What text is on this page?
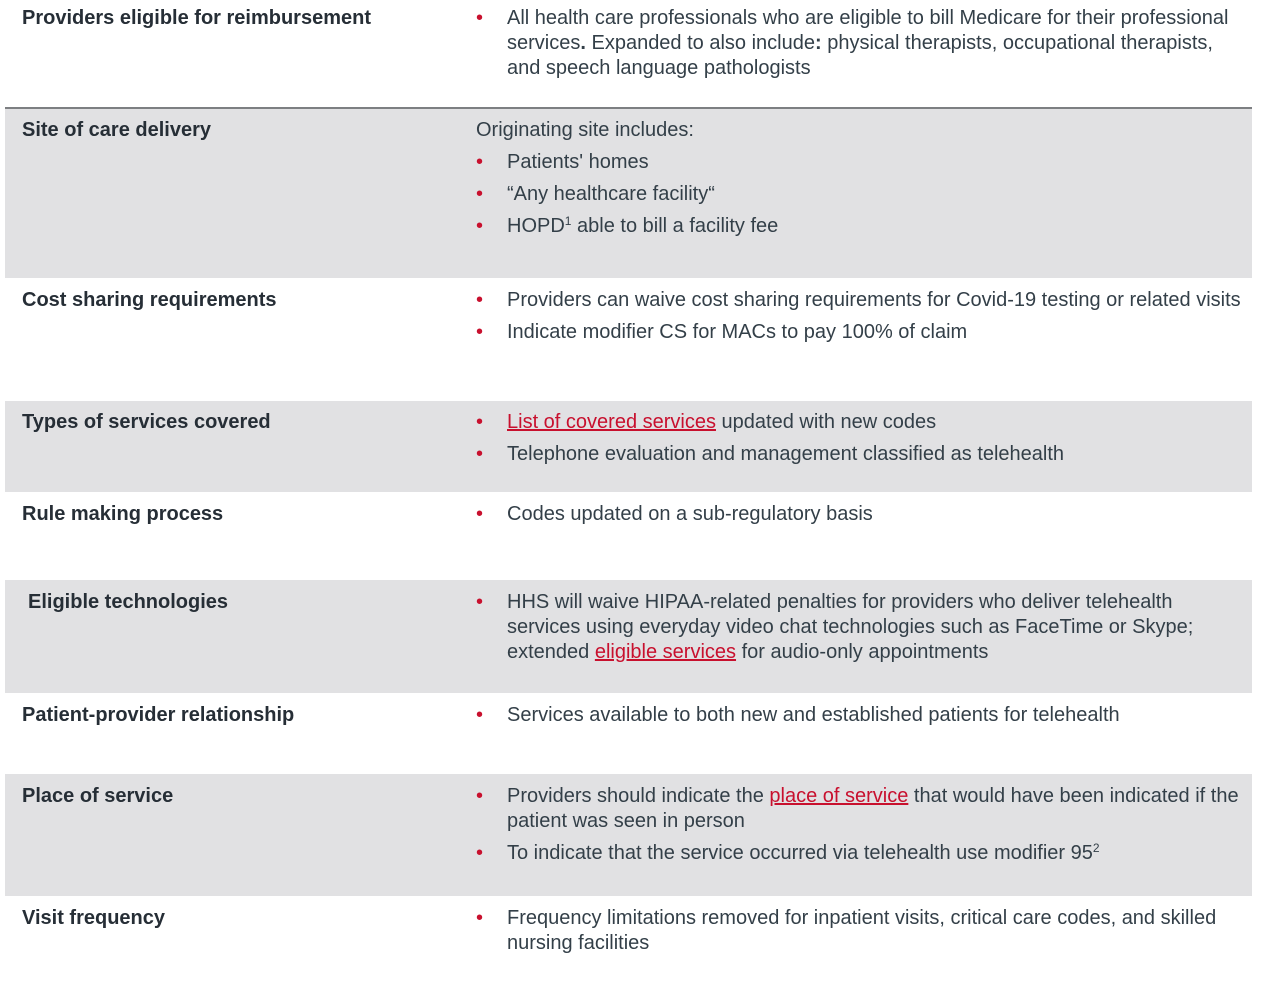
Providers eligible for reimbursement	• All health care professionals who are eligible to bill Medicare for their professional services. Expanded to also include: physical therapists, occupational therapists, and speech language pathologists
Site of care delivery	Originating site includes:
• Patients' homes
• “Any healthcare facility“
• HOPD$^1$ able to bill a facility fee
Cost sharing requirements	• Providers can waive cost sharing requirements for Covid-19 testing or related visits
• Indicate modifier CS for MACs to pay 100% of claim
Types of services covered	• List of covered services updated with new codes
• Telephone evaluation and management classified as telehealth
Rule making process	• Codes updated on a sub-regulatory basis
Eligible technologies	• HHS will waive HIPAA-related penalties for providers who deliver telehealth services using everyday video chat technologies such as FaceTime or Skype; extended eligible services for audio-only appointments
Patient-provider relationship	• Services available to both new and established patients for telehealth
Place of service	• Providers should indicate the place of service that would have been indicated if the patient was seen in person
• To indicate that the service occurred via telehealth use modifier $95^2$
Visit frequency	• Frequency limitations removed for inpatient visits, critical care codes, and skilled nursing facilities
